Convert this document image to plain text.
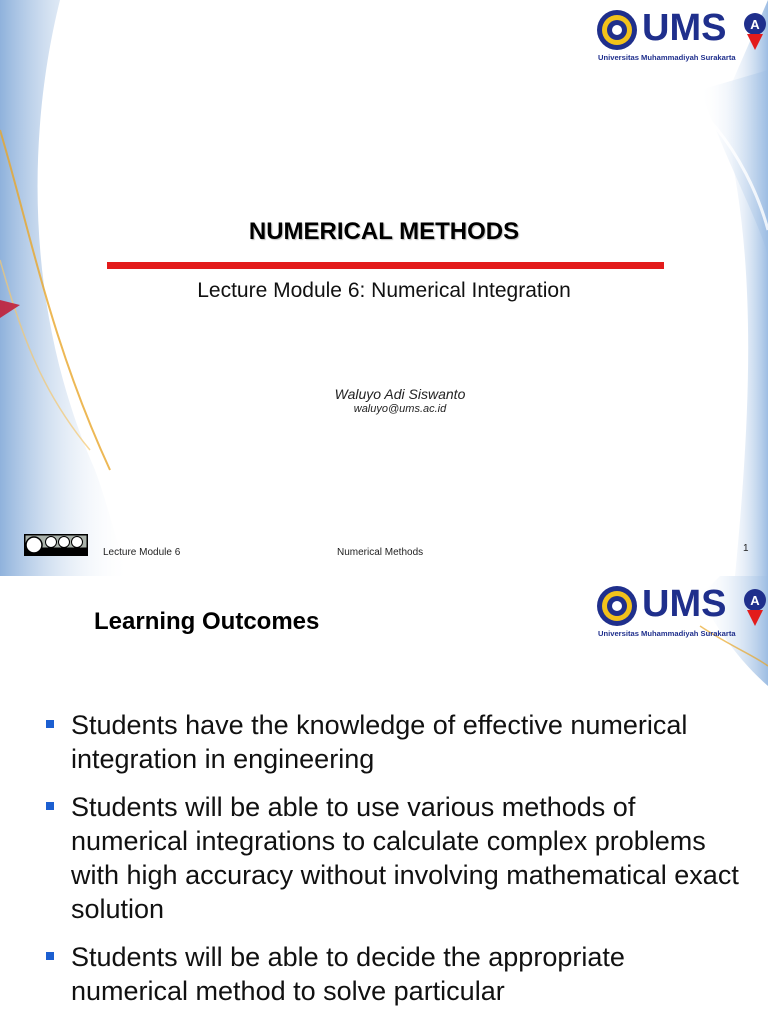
A
UMS
Universitas Muhammadiyah Surakarta
NUMERICAL METHODS
Lecture Module 6: Numerical Integration
Waluyo Adi Siswanto
waluyo@ums.ac.id
Lecture Module 6	Numerical Methods	1
A
UMS
Universitas Muhammadiyah Surakarta
Learning Outcomes
Students have the knowledge of effective numerical integration in engineering
Students will be able to use various methods of numerical integrations to calculate complex problems with high accuracy without involving mathematical exact solution
Students will be able to decide the appropriate numerical method to solve particular
